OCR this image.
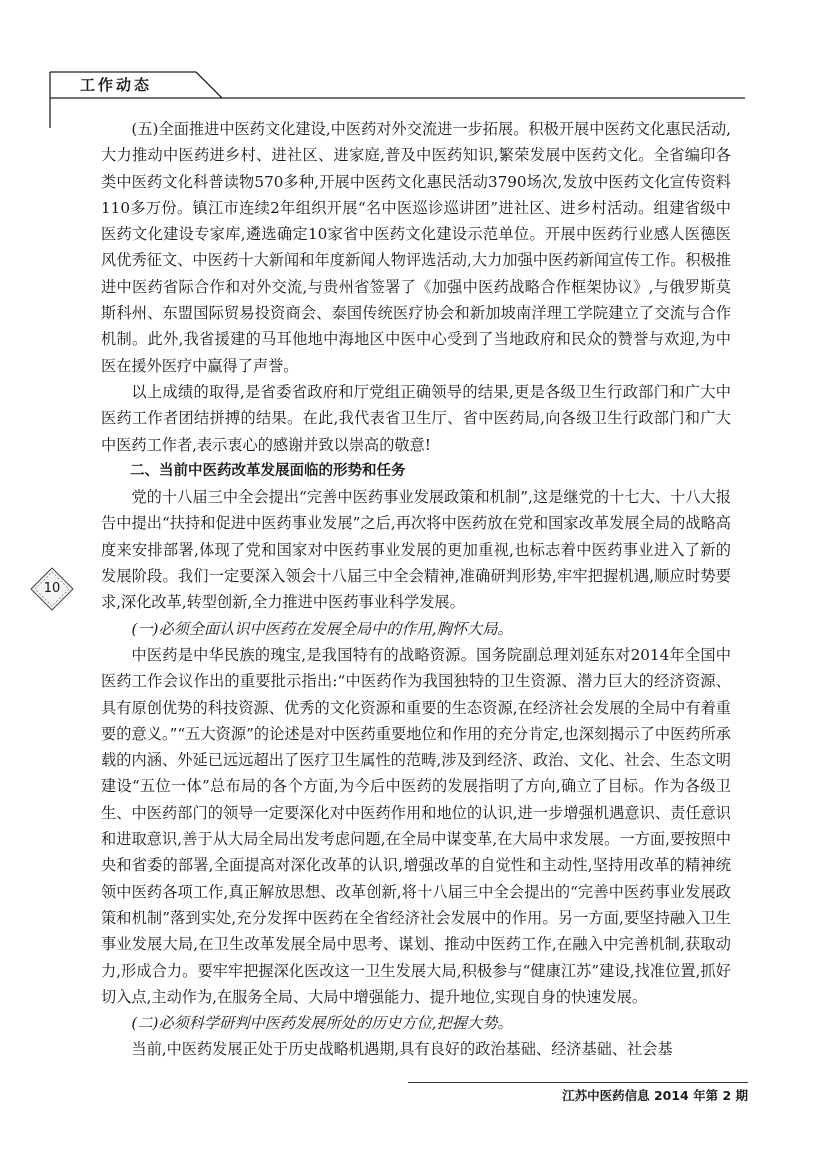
工作动态
10

(五)全面推进中医药文化建设,中医药对外交流进一步拓展。积极开展中医药文化惠民活动,大力推动中医药进乡村、进社区、进家庭,普及中医药知识,繁荣发展中医药文化。全省编印各类中医药文化科普读物570多种,开展中医药文化惠民活动3790场次,发放中医药文化宣传资料110多万份。镇江市连续2年组织开展“名中医巡诊巡讲团”进社区、进乡村活动。组建省级中医药文化建设专家库,遴选确定10家省中医药文化建设示范单位。开展中医药行业感人医德医风优秀征文、中医药十大新闻和年度新闻人物评选活动,大力加强中医药新闻宣传工作。积极推进中医药省际合作和对外交流,与贵州省签署了《加强中医药战略合作框架协议》,与俄罗斯莫斯科州、东盟国际贸易投资商会、泰国传统医疗协会和新加坡南洋理工学院建立了交流与合作机制。此外,我省援建的马耳他地中海地区中医中心受到了当地政府和民众的赞誉与欢迎,为中医在援外医疗中赢得了声誉。

以上成绩的取得,是省委省政府和厅党组正确领导的结果,更是各级卫生行政部门和广大中医药工作者团结拼搏的结果。在此,我代表省卫生厅、省中医药局,向各级卫生行政部门和广大中医药工作者,表示衷心的感谢并致以崇高的敬意!

二、当前中医药改革发展面临的形势和任务

党的十八届三中全会提出“完善中医药事业发展政策和机制”,这是继党的十七大、十八大报告中提出“扶持和促进中医药事业发展”之后,再次将中医药放在党和国家改革发展全局的战略高度来安排部署,体现了党和国家对中医药事业发展的更加重视,也标志着中医药事业进入了新的发展阶段。我们一定要深入领会十八届三中全会精神,准确研判形势,牢牢把握机遇,顺应时势要求,深化改革,转型创新,全力推进中医药事业科学发展。

(一)必须全面认识中医药在发展全局中的作用,胸怀大局。

中医药是中华民族的瑰宝,是我国特有的战略资源。国务院副总理刘延东对2014年全国中医药工作会议作出的重要批示指出:“中医药作为我国独特的卫生资源、潜力巨大的经济资源、具有原创优势的科技资源、优秀的文化资源和重要的生态资源,在经济社会发展的全局中有着重要的意义。”“五大资源”的论述是对中医药重要地位和作用的充分肯定,也深刻揭示了中医药所承载的内涵、外延已远远超出了医疗卫生属性的范畴,涉及到经济、政治、文化、社会、生态文明建设“五位一体”总布局的各个方面,为今后中医药的发展指明了方向,确立了目标。作为各级卫生、中医药部门的领导一定要深化对中医药作用和地位的认识,进一步增强机遇意识、责任意识和进取意识,善于从大局全局出发考虑问题,在全局中谋变革,在大局中求发展。一方面,要按照中央和省委的部署,全面提高对深化改革的认识,增强改革的自觉性和主动性,坚持用改革的精神统领中医药各项工作,真正解放思想、改革创新,将十八届三中全会提出的“完善中医药事业发展政策和机制”落到实处,充分发挥中医药在全省经济社会发展中的作用。另一方面,要坚持融入卫生事业发展大局,在卫生改革发展全局中思考、谋划、推动中医药工作,在融入中完善机制,获取动力,形成合力。要牢牢把握深化医改这一卫生发展大局,积极参与“健康江苏”建设,找准位置,抓好切入点,主动作为,在服务全局、大局中增强能力、提升地位,实现自身的快速发展。

(二)必须科学研判中医药发展所处的历史方位,把握大势。

当前,中医药发展正处于历史战略机遇期,具有良好的政治基础、经济基础、社会基

江苏中医药信息 2014 年第 2 期
